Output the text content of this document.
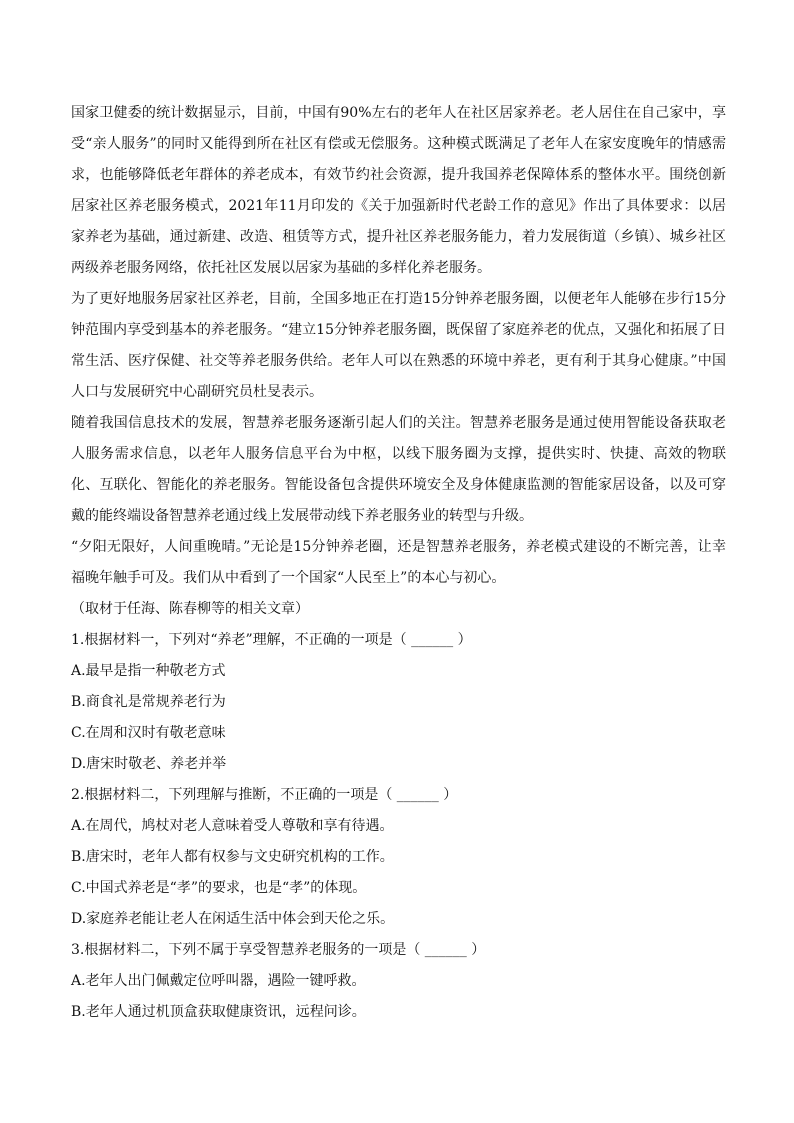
国家卫健委的统计数据显示，目前，中国有90%左右的老年人在社区居家养老。老人居住在自己家中，享受“亲人服务”的同时又能得到所在社区有偿或无偿服务。这种模式既满足了老年人在家安度晚年的情感需求，也能够降低老年群体的养老成本，有效节约社会资源，提升我国养老保障体系的整体水平。围绕创新居家社区养老服务模式，2021年11月印发的《关于加强新时代老龄工作的意见》作出了具体要求：以居家养老为基础，通过新建、改造、租赁等方式，提升社区养老服务能力，着力发展街道（乡镇）、城乡社区两级养老服务网络，依托社区发展以居家为基础的多样化养老服务。

为了更好地服务居家社区养老，目前，全国多地正在打造15分钟养老服务圈，以便老年人能够在步行15分钟范围内享受到基本的养老服务。“建立15分钟养老服务圈，既保留了家庭养老的优点，又强化和拓展了日常生活、医疗保健、社交等养老服务供给。老年人可以在熟悉的环境中养老，更有利于其身心健康。”中国人口与发展研究中心副研究员杜旻表示。

随着我国信息技术的发展，智慧养老服务逐渐引起人们的关注。智慧养老服务是通过使用智能设备获取老人服务需求信息，以老年人服务信息平台为中枢，以线下服务圈为支撑，提供实时、快捷、高效的物联化、互联化、智能化的养老服务。智能设备包含提供环境安全及身体健康监测的智能家居设备，以及可穿戴的能终端设备智慧养老通过线上发展带动线下养老服务业的转型与升级。

“夕阳无限好，人间重晚晴。”无论是15分钟养老圈，还是智慧养老服务，养老模式建设的不断完善，让幸福晚年触手可及。我们从中看到了一个国家“人民至上”的本心与初心。

（取材于任海、陈春柳等的相关文章）

1.根据材料一，下列对“养老”理解，不正确的一项是（ ______ ）

A.最早是指一种敬老方式

B.商食礼是常规养老行为

C.在周和汉时有敬老意味

D.唐宋时敬老、养老并举

2.根据材料二，下列理解与推断，不正确的一项是（ ______ ）

A.在周代，鸠杖对老人意味着受人尊敬和享有待遇。

B.唐宋时，老年人都有权参与文史研究机构的工作。

C.中国式养老是“孝”的要求，也是“孝”的体现。

D.家庭养老能让老人在闲适生活中体会到天伦之乐。

3.根据材料二，下列不属于享受智慧养老服务的一项是（ ______ ）

A.老年人出门佩戴定位呼叫器，遇险一键呼救。

B.老年人通过机顶盒获取健康资讯，远程问诊。
